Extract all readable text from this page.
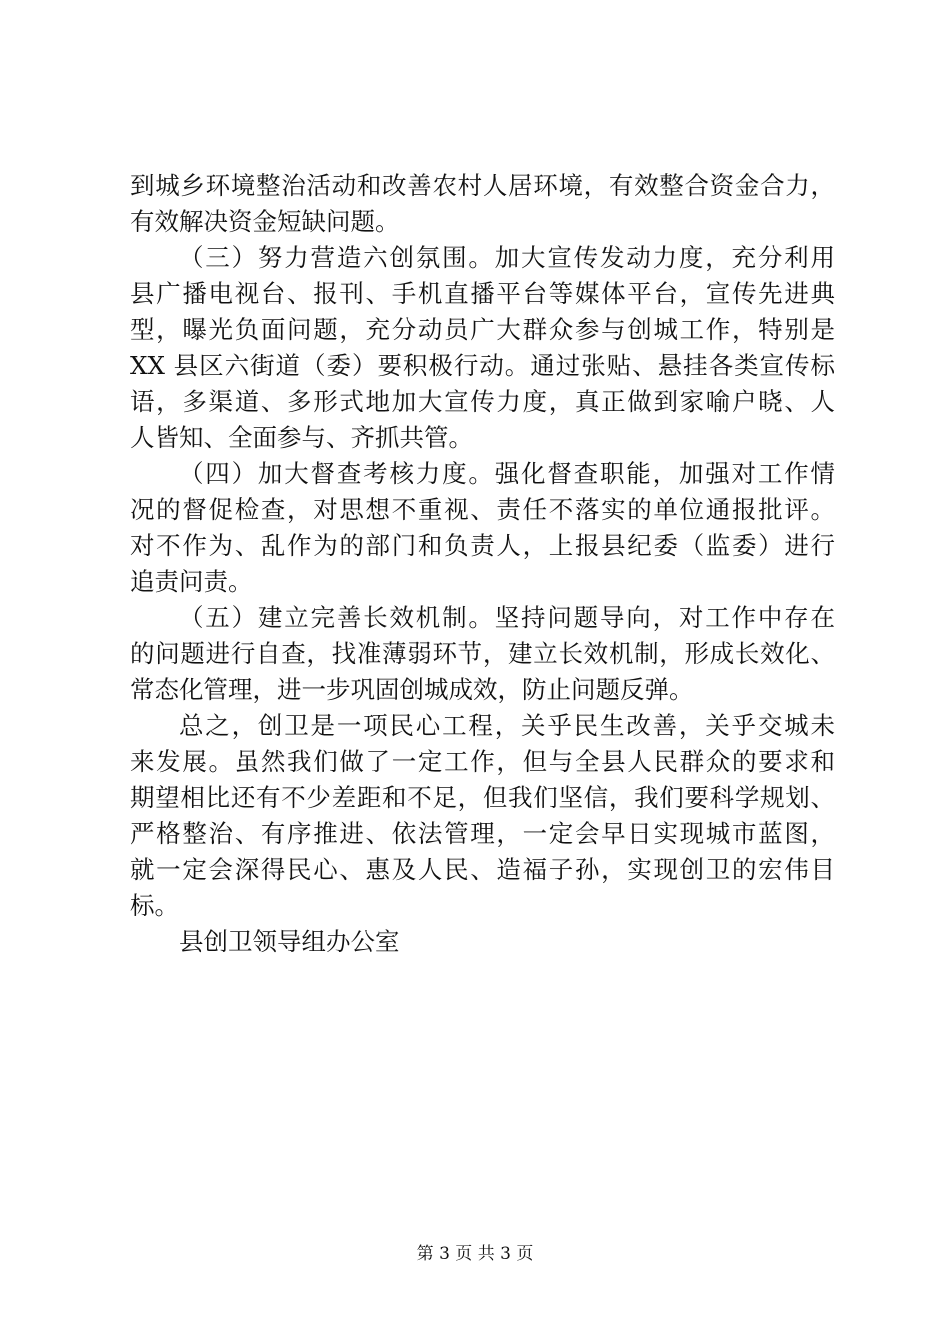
到城乡环境整治活动和改善农村人居环境，有效整合资金合力，
有效解决资金短缺问题。
（三）努力营造六创氛围。加大宣传发动力度，充分利用
县广播电视台、报刊、手机直播平台等媒体平台，宣传先进典
型，曝光负面问题，充分动员广大群众参与创城工作，特别是
XX 县区六街道（委）要积极行动。通过张贴、悬挂各类宣传标
语，多渠道、多形式地加大宣传力度，真正做到家喻户晓、人
人皆知、全面参与、齐抓共管。
（四）加大督查考核力度。强化督查职能，加强对工作情
况的督促检查，对思想不重视、责任不落实的单位通报批评。
对不作为、乱作为的部门和负责人，上报县纪委（监委）进行
追责问责。
（五）建立完善长效机制。坚持问题导向，对工作中存在
的问题进行自查，找准薄弱环节，建立长效机制，形成长效化、
常态化管理，进一步巩固创城成效，防止问题反弹。
总之，创卫是一项民心工程，关乎民生改善，关乎交城未
来发展。虽然我们做了一定工作，但与全县人民群众的要求和
期望相比还有不少差距和不足，但我们坚信，我们要科学规划、
严格整治、有序推进、依法管理，一定会早日实现城市蓝图，
就一定会深得民心、惠及人民、造福子孙，实现创卫的宏伟目
标。
县创卫领导组办公室
第 3 页 共 3 页
